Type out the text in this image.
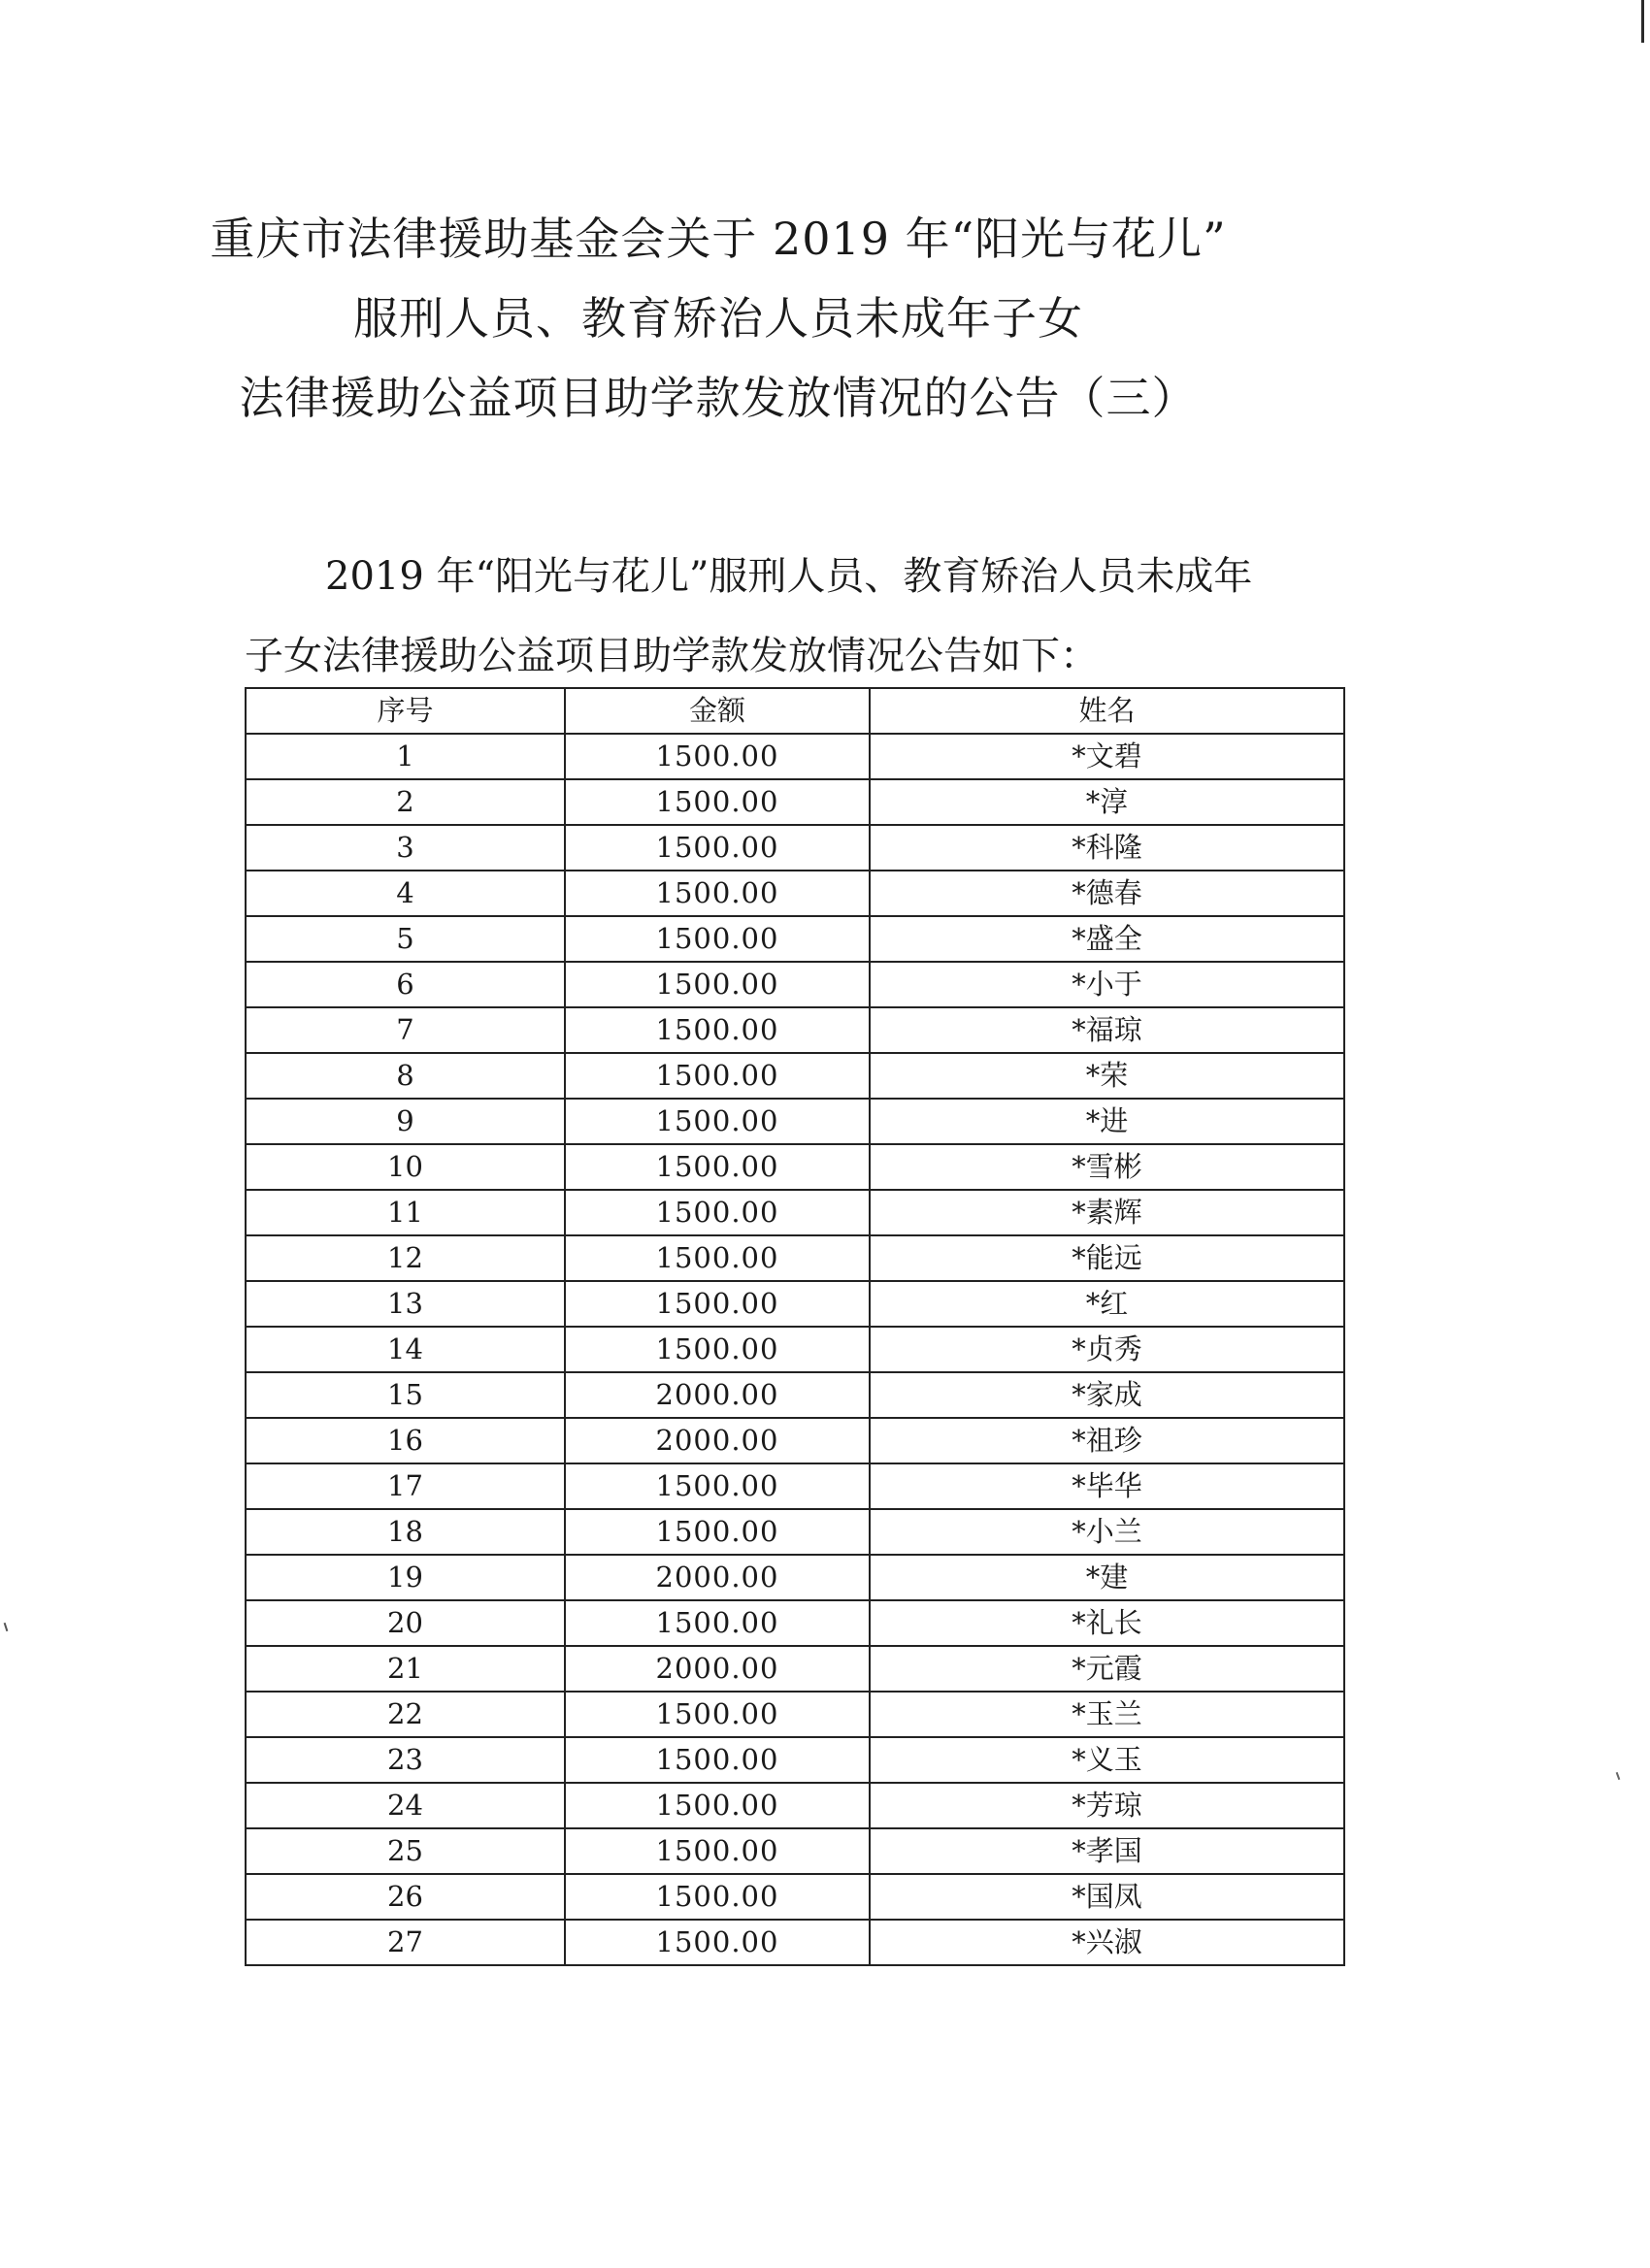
重庆市法律援助基金会关于 2019 年“阳光与花儿”
服刑人员、教育矫治人员未成年子女
法律援助公益项目助学款发放情况的公告（三）

2019 年“阳光与花儿”服刑人员、教育矫治人员未成年

子女法律援助公益项目助学款发放情况公告如下：

序号	金额	姓名
1	1500.00	*文碧
2	1500.00	*淳
3	1500.00	*科隆
4	1500.00	*德春
5	1500.00	*盛全
6	1500.00	*小于
7	1500.00	*福琼
8	1500.00	*荣
9	1500.00	*进
10	1500.00	*雪彬
11	1500.00	*素辉
12	1500.00	*能远
13	1500.00	*红
14	1500.00	*贞秀
15	2000.00	*家成
16	2000.00	*祖珍
17	1500.00	*毕华
18	1500.00	*小兰
19	2000.00	*建
20	1500.00	*礼长
21	2000.00	*元霞
22	1500.00	*玉兰
23	1500.00	*义玉
24	1500.00	*芳琼
25	1500.00	*孝国
26	1500.00	*国凤
27	1500.00	*兴淑
